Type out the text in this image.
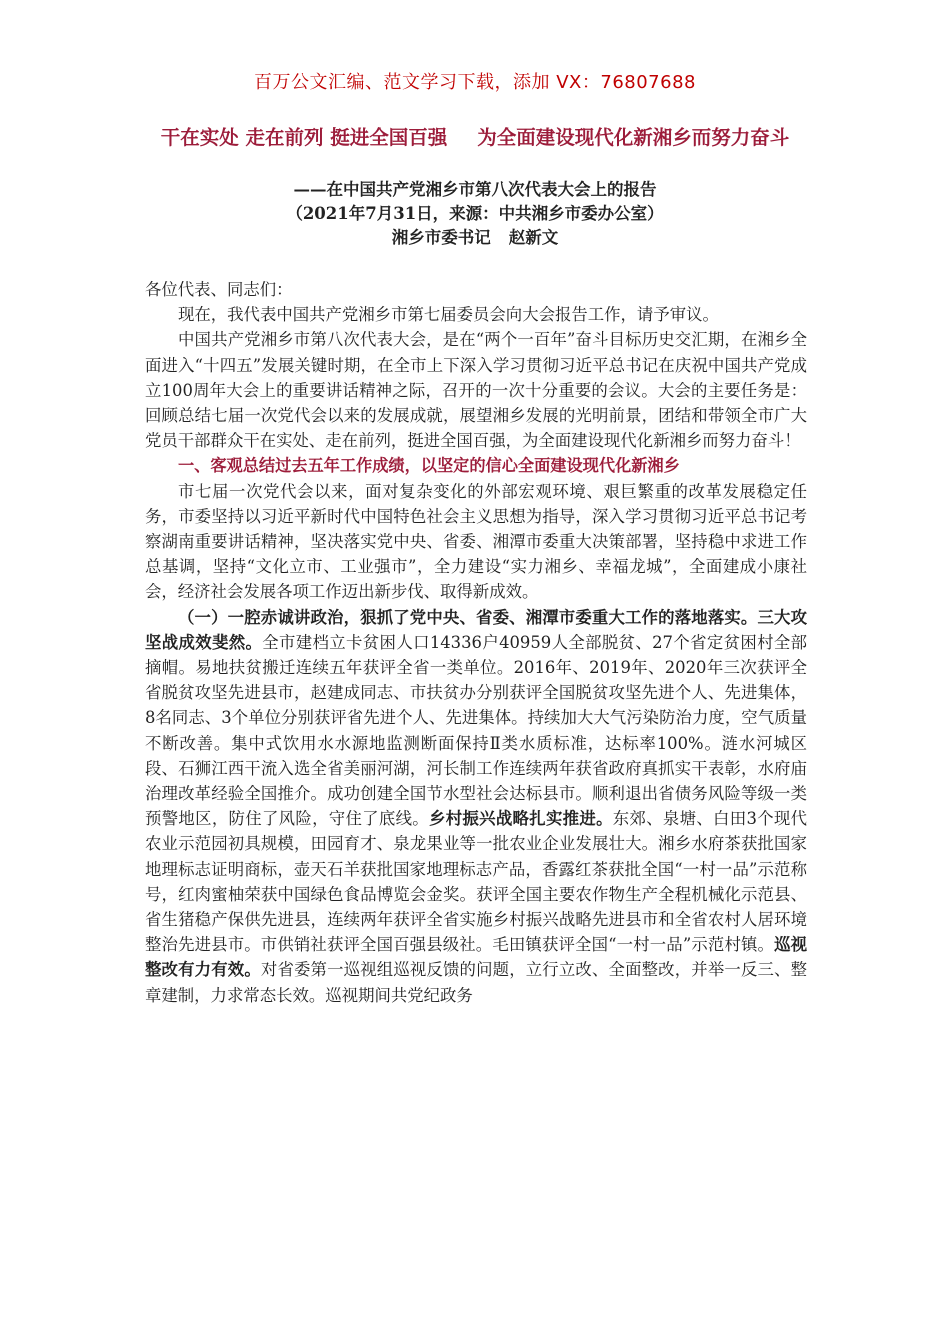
百万公文汇编、范文学习下载，添加 VX：76807688
干在实处 走在前列 挺进全国百强 为全面建设现代化新湘乡而努力奋斗
——在中国共产党湘乡市第八次代表大会上的报告
（2021年7月31日，来源：中共湘乡市委办公室）
湘乡市委书记 赵新文

各位代表、同志们：

现在，我代表中国共产党湘乡市第七届委员会向大会报告工作，请予审议。

中国共产党湘乡市第八次代表大会，是在“两个一百年”奋斗目标历史交汇期，在湘乡全面进入“十四五”发展关键时期，在全市上下深入学习贯彻习近平总书记在庆祝中国共产党成立100周年大会上的重要讲话精神之际，召开的一次十分重要的会议。大会的主要任务是：回顾总结七届一次党代会以来的发展成就，展望湘乡发展的光明前景，团结和带领全市广大党员干部群众干在实处、走在前列，挺进全国百强，为全面建设现代化新湘乡而努力奋斗！

一、客观总结过去五年工作成绩，以坚定的信心全面建设现代化新湘乡

市七届一次党代会以来，面对复杂变化的外部宏观环境、艰巨繁重的改革发展稳定任务，市委坚持以习近平新时代中国特色社会主义思想为指导，深入学习贯彻习近平总书记考察湖南重要讲话精神，坚决落实党中央、省委、湘潭市委重大决策部署，坚持稳中求进工作总基调，坚持“文化立市、工业强市”，全力建设“实力湘乡、幸福龙城”，全面建成小康社会，经济社会发展各项工作迈出新步伐、取得新成效。

（一）一腔赤诚讲政治，狠抓了党中央、省委、湘潭市委重大工作的落地落实。三大攻坚战成效斐然。全市建档立卡贫困人口14336户40959人全部脱贫、27个省定贫困村全部摘帽。易地扶贫搬迁连续五年获评全省一类单位。2016年、2019年、2020年三次获评全省脱贫攻坚先进县市，赵建成同志、市扶贫办分别获评全国脱贫攻坚先进个人、先进集体，8名同志、3个单位分别获评省先进个人、先进集体。持续加大大气污染防治力度，空气质量不断改善。集中式饮用水水源地监测断面保持Ⅱ类水质标准，达标率100%。涟水河城区段、石狮江西干流入选全省美丽河湖，河长制工作连续两年获省政府真抓实干表彰，水府庙治理改革经验全国推介。成功创建全国节水型社会达标县市。顺利退出省债务风险等级一类预警地区，防住了风险，守住了底线。乡村振兴战略扎实推进。东郊、泉塘、白田3个现代农业示范园初具规模，田园育才、泉龙果业等一批农业企业发展壮大。湘乡水府茶获批国家地理标志证明商标，壶天石羊获批国家地理标志产品，香露红茶获批全国“一村一品”示范称号，红肉蜜柚荣获中国绿色食品博览会金奖。获评全国主要农作物生产全程机械化示范县、省生猪稳产保供先进县，连续两年获评全省实施乡村振兴战略先进县市和全省农村人居环境整治先进县市。市供销社获评全国百强县级社。毛田镇获评全国“一村一品”示范村镇。巡视整改有力有效。对省委第一巡视组巡视反馈的问题，立行立改、全面整改，并举一反三、整章建制，力求常态长效。巡视期间共党纪政务
